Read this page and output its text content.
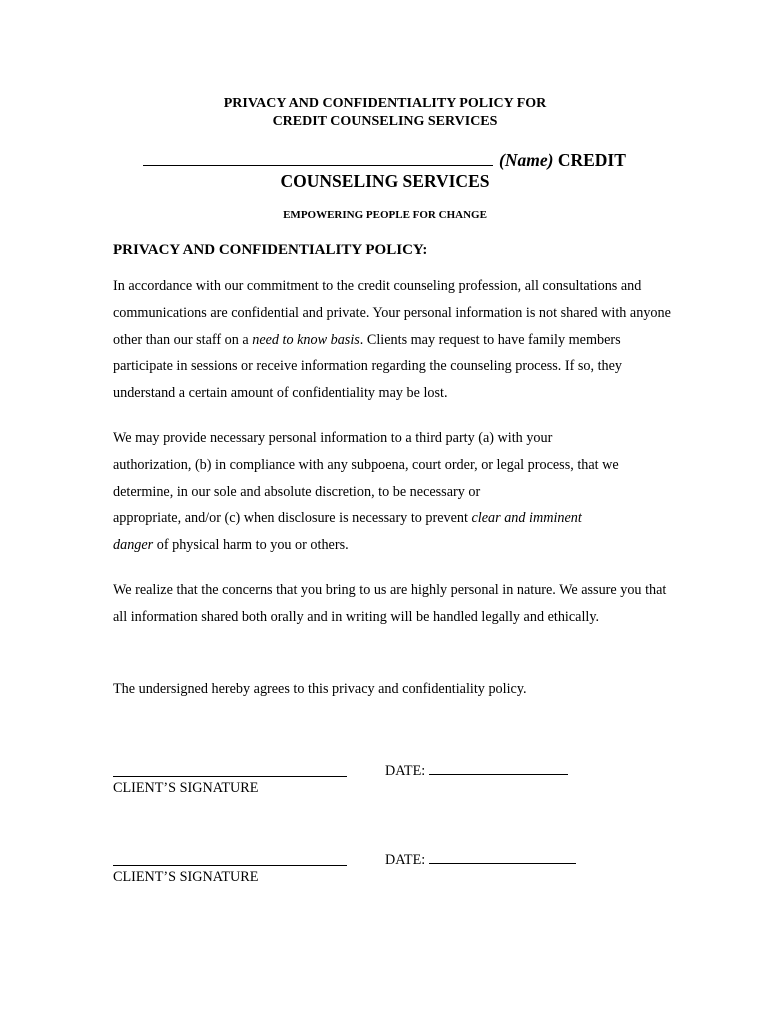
PRIVACY AND CONFIDENTIALITY POLICY FOR
CREDIT COUNSELING SERVICES
(Name) CREDIT
COUNSELING SERVICES
EMPOWERING PEOPLE FOR CHANGE
PRIVACY AND CONFIDENTIALITY POLICY:
In accordance with our commitment to the credit counseling profession, all consultations and communications are confidential and private. Your personal information is not shared with anyone other than our staff on a need to know basis. Clients may request to have family members participate in sessions or receive information regarding the counseling process. If so, they understand a certain amount of confidentiality may be lost.
We may provide necessary personal information to a third party (a) with your
authorization, (b) in compliance with any subpoena, court order, or legal process, that we
determine, in our sole and absolute discretion, to be necessary or
appropriate, and/or (c) when disclosure is necessary to prevent clear and imminent
danger of physical harm to you or others.
We realize that the concerns that you bring to us are highly personal in nature. We assure you that all information shared both orally and in writing will be handled legally and ethically.
The undersigned hereby agrees to this privacy and confidentiality policy.
CLIENT’S SIGNATURE
DATE:
CLIENT’S SIGNATURE
DATE:
